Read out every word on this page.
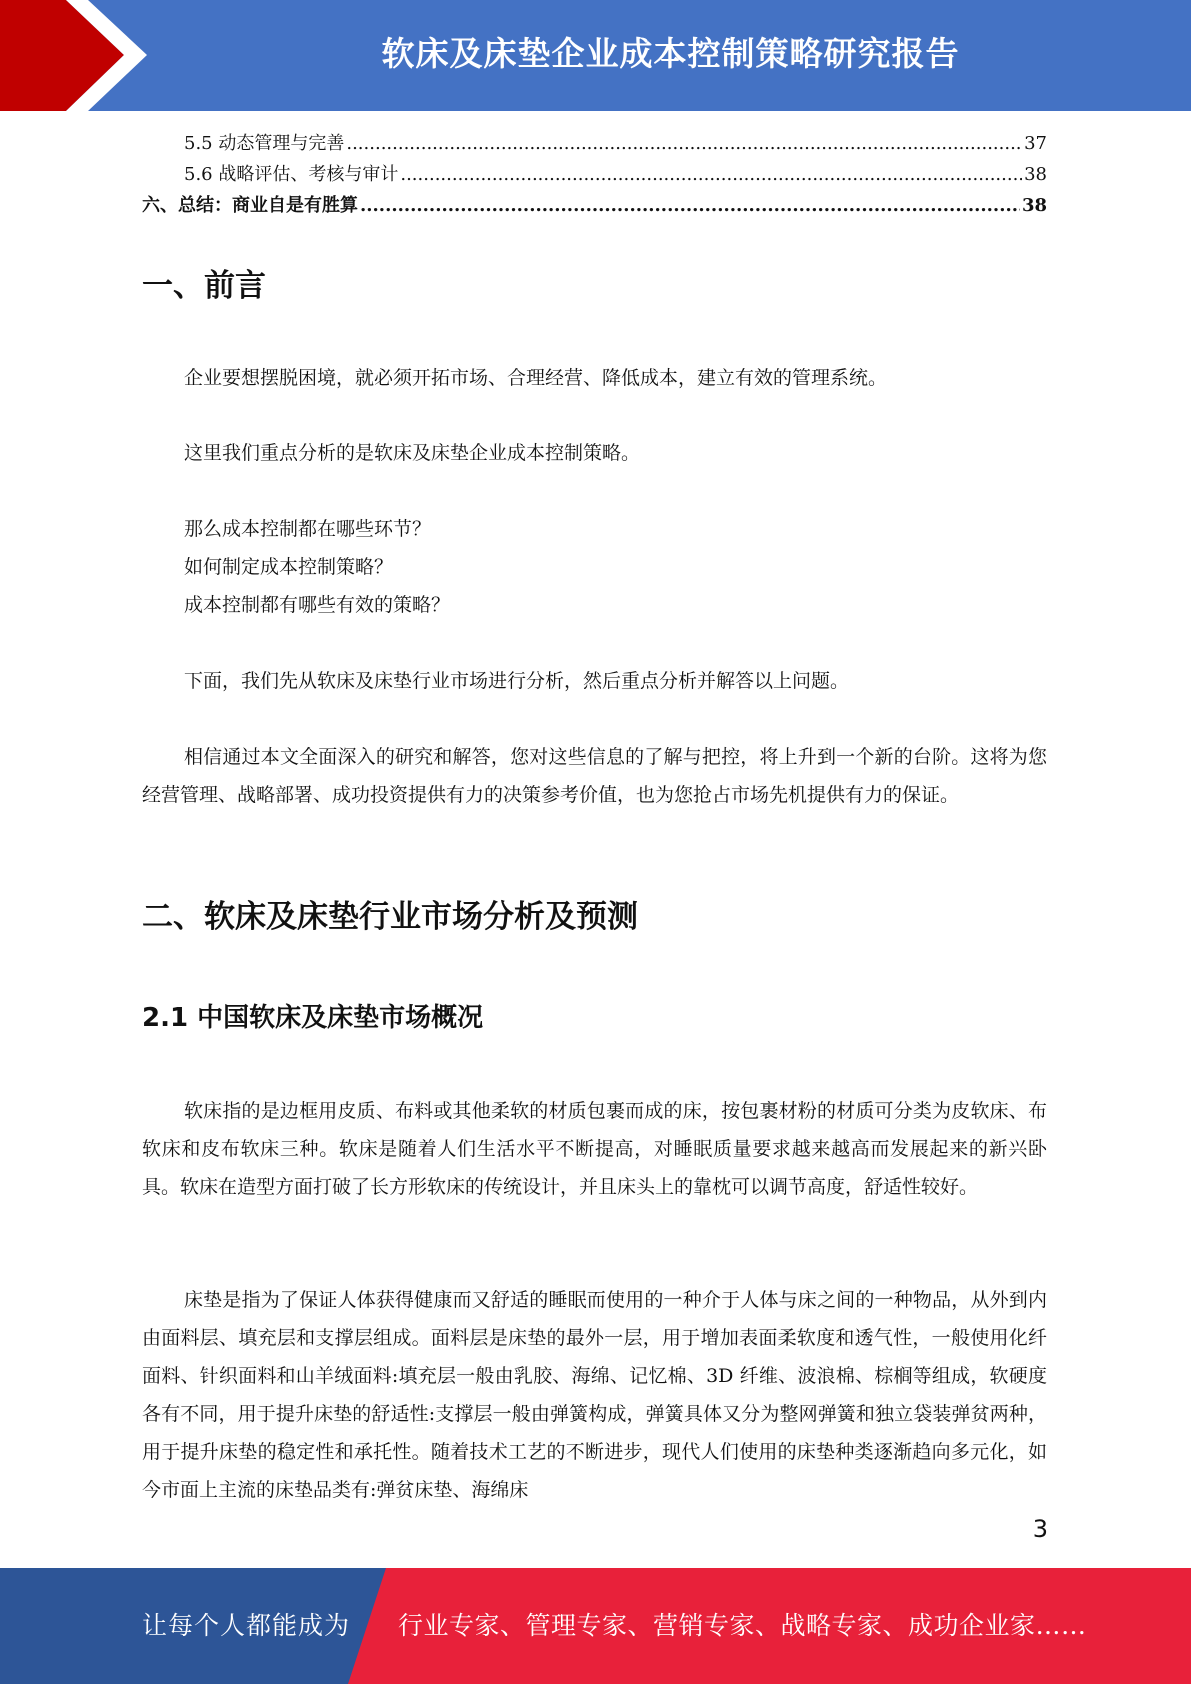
软床及床垫企业成本控制策略研究报告
5.5 动态管理与完善 .....	37
5.6 战略评估、考核与审计 .....	38
六、总结：商业自是有胜算 .....	38
一、前言

企业要想摆脱困境，就必须开拓市场、合理经营、降低成本，建立有效的管理系统。

这里我们重点分析的是软床及床垫企业成本控制策略。

那么成本控制都在哪些环节？

如何制定成本控制策略？

成本控制都有哪些有效的策略？

下面，我们先从软床及床垫行业市场进行分析，然后重点分析并解答以上问题。

相信通过本文全面深入的研究和解答，您对这些信息的了解与把控，将上升到一个新的台阶。这将为您经营管理、战略部署、成功投资提供有力的决策参考价值，也为您抢占市场先机提供有力的保证。

二、软床及床垫行业市场分析及预测
2.1 中国软床及床垫市场概况

软床指的是边框用皮质、布料或其他柔软的材质包裹而成的床，按包裹材粉的材质可分类为皮软床、布软床和皮布软床三种。软床是随着人们生活水平不断提高，对睡眠质量要求越来越高而发展起来的新兴卧具。软床在造型方面打破了长方形软床的传统设计，并且床头上的靠枕可以调节高度，舒适性较好。

床垫是指为了保证人体获得健康而又舒适的睡眠而使用的一种介于人体与床之间的一种物品，从外到内由面料层、填充层和支撑层组成。面料层是床垫的最外一层，用于增加表面柔软度和透气性，一般使用化纤面料、针织面料和山羊绒面料:填充层一般由乳胶、海绵、记忆棉、3D 纤维、波浪棉、棕榈等组成，软硬度各有不同，用于提升床垫的舒适性:支撑层一般由弹簧构成，弹簧具体又分为整网弹簧和独立袋装弹贫两种，用于提升床垫的稳定性和承托性。随着技术工艺的不断进步，现代人们使用的床垫种类逐渐趋向多元化，如今市面上主流的床垫品类有:弹贫床垫、海绵床

3
让每个人都能成为 行业专家、管理专家、营销专家、战略专家、成功企业家……
